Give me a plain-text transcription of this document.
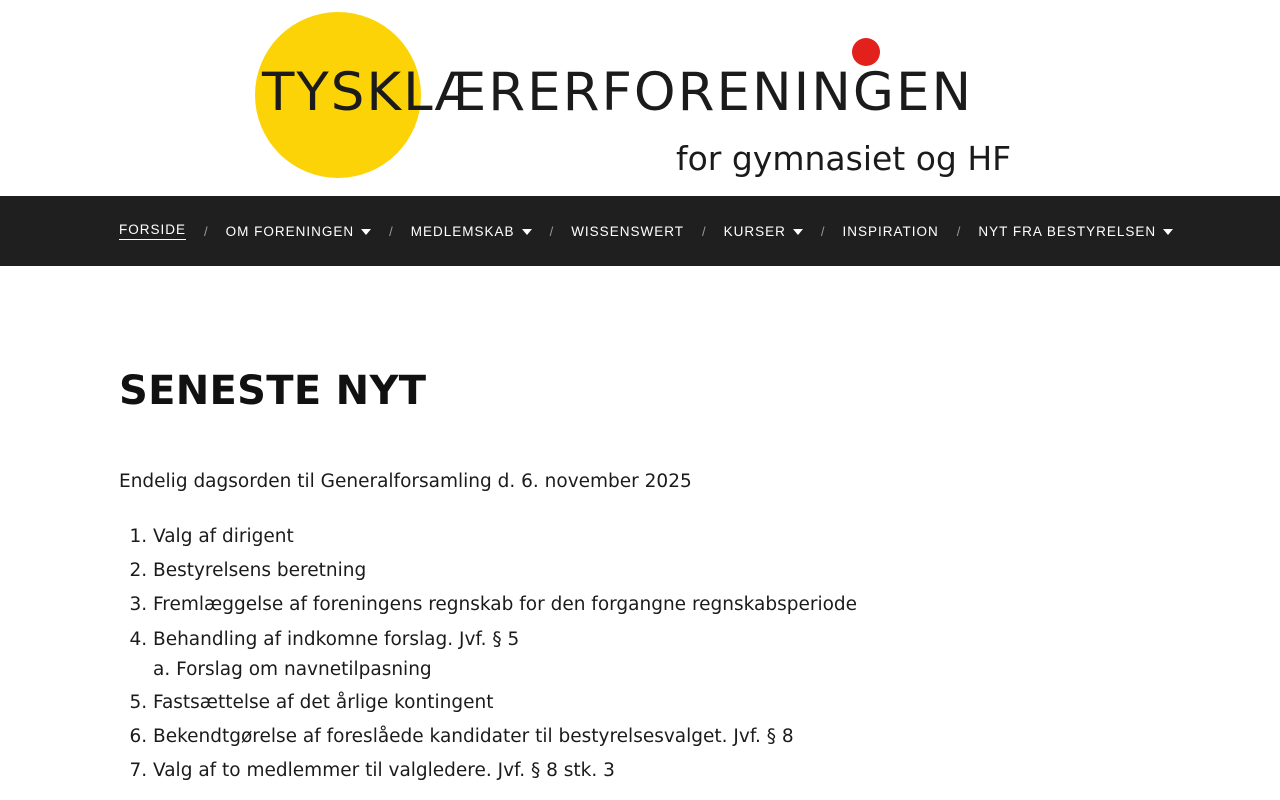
TYSKLÆRERFORENINGEN
for gymnasiet og HF
FORSIDE / OM FORENINGEN	/ MEDLEMSKAB	/ WISSENSWERT / KURSER	/ INSPIRATION / NYT FRA BESTYRELSEN
SENESTE NYT

Endelig dagsorden til Generalforsamling d. 6. november 2025

1. Valg af dirigent
2. Bestyrelsens beretning
3. Fremlæggelse af foreningens regnskab for den forgangne regnskabsperiode
4. Behandling af indkomne forslag. Jvf. § 5
a. Forslag om navnetilpasning
5. Fastsættelse af det årlige kontingent
6. Bekendtgørelse af foreslåede kandidater til bestyrelsesvalget. Jvf. § 8
7. Valg af to medlemmer til valgledere. Jvf. § 8 stk. 3
